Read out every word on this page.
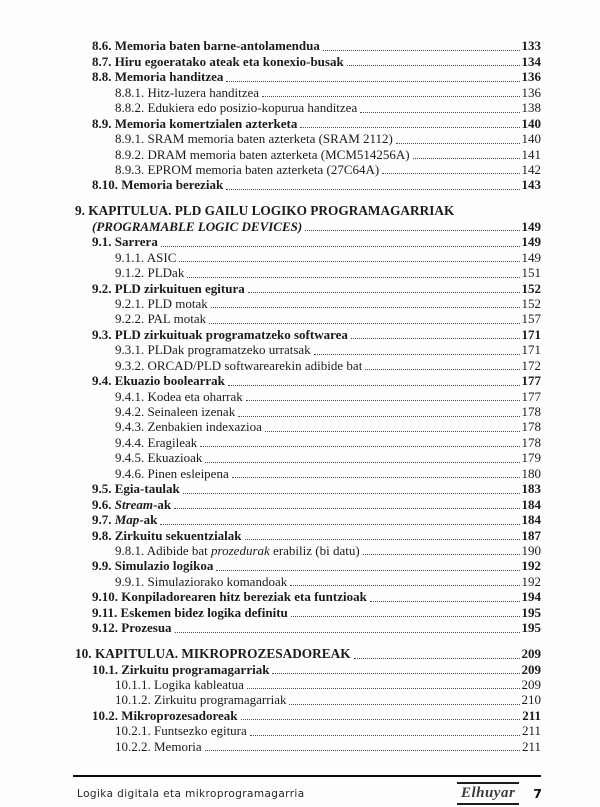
8.6. Memoria baten barne-antolamendua	133
8.7. Hiru egoeratako ateak eta konexio-busak	134
8.8. Memoria handitzea	136
8.8.1. Hitz-luzera handitzea	136
8.8.2. Edukiera edo posizio-kopurua handitzea	138
8.9. Memoria komertzialen azterketa	140
8.9.1. SRAM memoria baten azterketa (SRAM 2112)	140
8.9.2. DRAM memoria baten azterketa (MCM514256A)	141
8.9.3. EPROM memoria baten azterketa (27C64A)	142
8.10. Memoria bereziak	143
9. KAPITULUA. PLD GAILU LOGIKO PROGRAMAGARRIAK
(PROGRAMABLE LOGIC DEVICES)	149
9.1. Sarrera	149
9.1.1. ASIC	149
9.1.2. PLDak	151
9.2. PLD zirkuituen egitura	152
9.2.1. PLD motak	152
9.2.2. PAL motak	157
9.3. PLD zirkuituak programatzeko softwarea	171
9.3.1. PLDak programatzeko urratsak	171
9.3.2. ORCAD/PLD softwarearekin adibide bat	172
9.4. Ekuazio boolearrak	177
9.4.1. Kodea eta oharrak	177
9.4.2. Seinaleen izenak	178
9.4.3. Zenbakien indexazioa	178
9.4.4. Eragileak	178
9.4.5. Ekuazioak	179
9.4.6. Pinen esleipena	180
9.5. Egia-taulak	183
9.6. Stream-ak	184
9.7. Map-ak	184
9.8. Zirkuitu sekuentzialak	187
9.8.1. Adibide bat prozedurak erabiliz (bi datu)	190
9.9. Simulazio logikoa	192
9.9.1. Simulaziorako komandoak	192
9.10. Konpiladorearen hitz bereziak eta funtzioak	194
9.11. Eskemen bidez logika definitu	195
9.12. Prozesua	195
10. KAPITULUA. MIKROPROZESADOREAK	209
10.1. Zirkuitu programagarriak	209
10.1.1. Logika kableatua	209
10.1.2. Zirkuitu programagarriak	210
10.2. Mikroprozesadoreak	211
10.2.1. Funtsezko egitura	211
10.2.2. Memoria	211
Logika digitala eta mikroprogramagarria	Elhuyar	7
